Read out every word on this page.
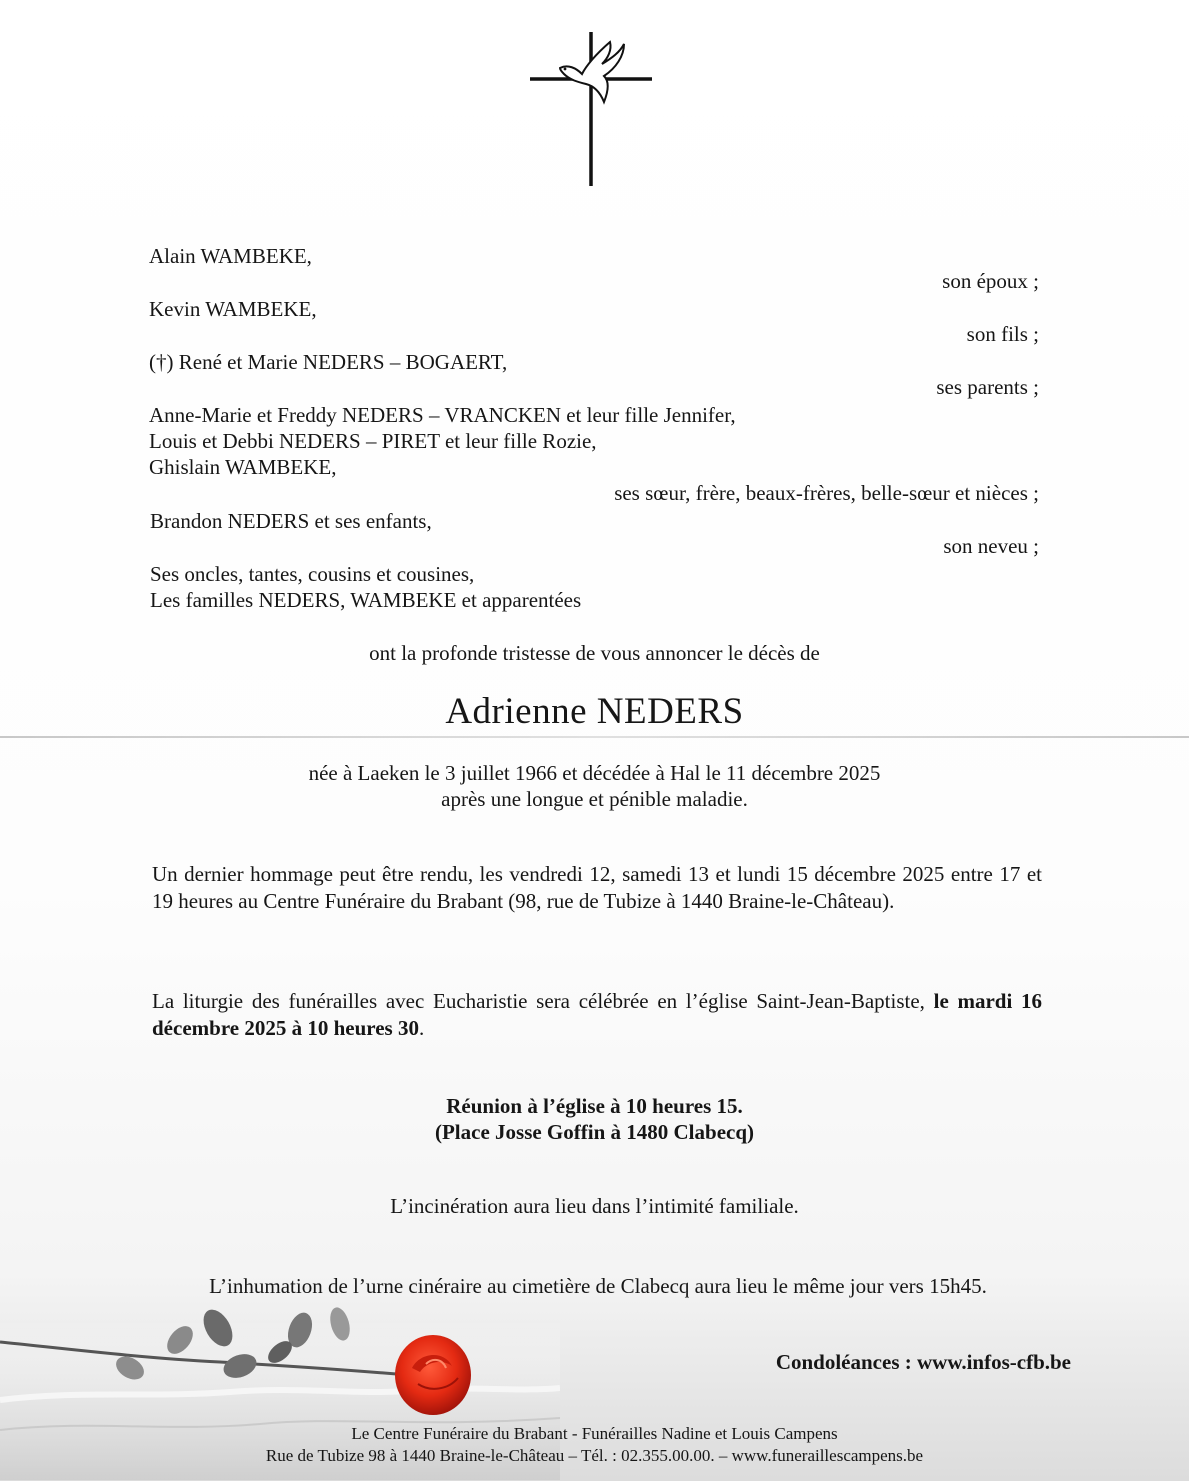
Alain WAMBEKE,
son époux ;
Kevin WAMBEKE,
son fils ;
(†) René et Marie NEDERS – BOGAERT,
ses parents ;
Anne-Marie et Freddy NEDERS – VRANCKEN et leur fille Jennifer,
Louis et Debbi NEDERS – PIRET et leur fille Rozie,
Ghislain WAMBEKE,
ses sœur, frère, beaux-frères, belle-sœur et nièces ;
Brandon NEDERS et ses enfants,
son neveu ;
Ses oncles, tantes, cousins et cousines,
Les familles NEDERS, WAMBEKE et apparentées
ont la profonde tristesse de vous annoncer le décès de
Adrienne NEDERS
née à Laeken le 3 juillet 1966 et décédée à Hal le 11 décembre 2025
après une longue et pénible maladie.
Un dernier hommage peut être rendu, les vendredi 12, samedi 13 et lundi 15 décembre 2025 entre 17 et 19 heures au Centre Funéraire du Brabant (98, rue de Tubize à 1440 Braine-le-Château).
La liturgie des funérailles avec Eucharistie sera célébrée en l’église Saint-Jean-Baptiste, le mardi 16 décembre 2025 à 10 heures 30.
Réunion à l’église à 10 heures 15.
(Place Josse Goffin à 1480 Clabecq)
L’incinération aura lieu dans l’intimité familiale.
L’inhumation de l’urne cinéraire au cimetière de Clabecq aura lieu le même jour vers 15h45.
Condoléances : www.infos-cfb.be
Le Centre Funéraire du Brabant - Funérailles Nadine et Louis Campens
Rue de Tubize 98 à 1440 Braine-le-Château – Tél. : 02.355.00.00. – www.funeraillescampens.be
